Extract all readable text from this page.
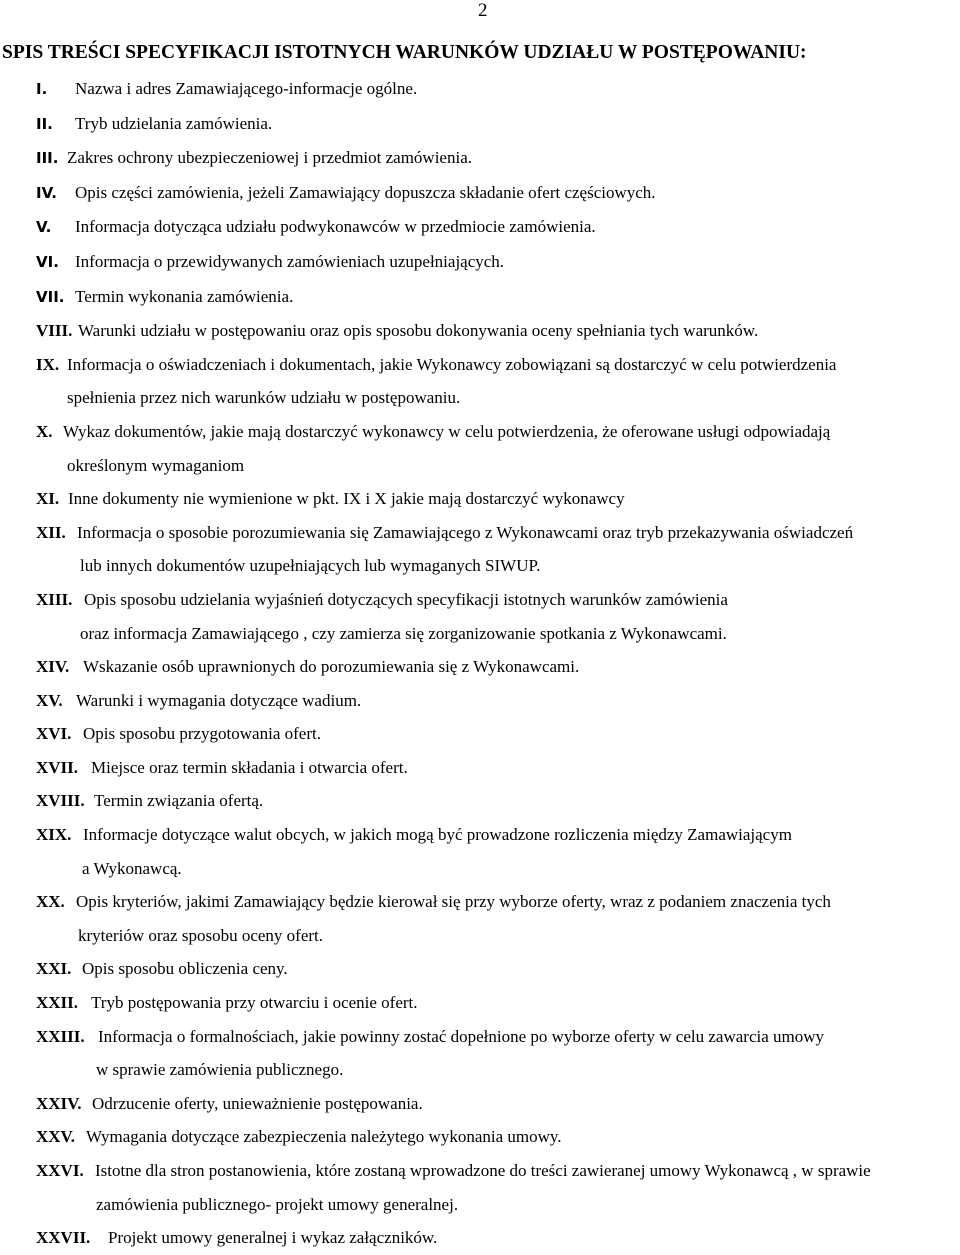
2
SPIS TREŚCI SPECYFIKACJI ISTOTNYCH WARUNKÓW UDZIAŁU W POSTĘPOWANIU:
I. Nazwa i adres Zamawiającego-informacje ogólne.
II. Tryb udzielania zamówienia.
III. Zakres ochrony ubezpieczeniowej i przedmiot zamówienia.
IV. Opis części zamówienia, jeżeli Zamawiający dopuszcza składanie ofert częściowych.
V. Informacja dotycząca udziału podwykonawców w przedmiocie zamówienia.
VI. Informacja o przewidywanych zamówieniach uzupełniających.
VII. Termin wykonania zamówienia.
VIII. Warunki udziału w postępowaniu oraz opis sposobu dokonywania oceny spełniania tych warunków.
IX. Informacja o oświadczeniach i dokumentach, jakie Wykonawcy zobowiązani są dostarczyć w celu potwierdzenia
spełnienia przez nich warunków udziału w postępowaniu.
X. Wykaz dokumentów, jakie mają dostarczyć wykonawcy w celu potwierdzenia, że oferowane usługi odpowiadają
określonym wymaganiom
XI. Inne dokumenty nie wymienione w pkt. IX i X jakie mają dostarczyć wykonawcy
XII. Informacja o sposobie porozumiewania się Zamawiającego z Wykonawcami oraz tryb przekazywania oświadczeń
lub innych dokumentów uzupełniających lub wymaganych SIWUP.
XIII. Opis sposobu udzielania wyjaśnień dotyczących specyfikacji istotnych warunków zamówienia
oraz informacja Zamawiającego , czy zamierza się zorganizowanie spotkania z Wykonawcami.
XIV. Wskazanie osób uprawnionych do porozumiewania się z Wykonawcami.
XV. Warunki i wymagania dotyczące wadium.
XVI. Opis sposobu przygotowania ofert.
XVII. Miejsce oraz termin składania i otwarcia ofert.
XVIII. Termin związania ofertą.
XIX. Informacje dotyczące walut obcych, w jakich mogą być prowadzone rozliczenia między Zamawiającym
a Wykonawcą.
XX. Opis kryteriów, jakimi Zamawiający będzie kierował się przy wyborze oferty, wraz z podaniem znaczenia tych
kryteriów oraz sposobu oceny ofert.
XXI. Opis sposobu obliczenia ceny.
XXII. Tryb postępowania przy otwarciu i ocenie ofert.
XXIII. Informacja o formalnościach, jakie powinny zostać dopełnione po wyborze oferty w celu zawarcia umowy
w sprawie zamówienia publicznego.
XXIV. Odrzucenie oferty, unieważnienie postępowania.
XXV. Wymagania dotyczące zabezpieczenia należytego wykonania umowy.
XXVI. Istotne dla stron postanowienia, które zostaną wprowadzone do treści zawieranej umowy Wykonawcą , w sprawie
zamówienia publicznego- projekt umowy generalnej.
XXVII. Projekt umowy generalnej i wykaz załączników.
